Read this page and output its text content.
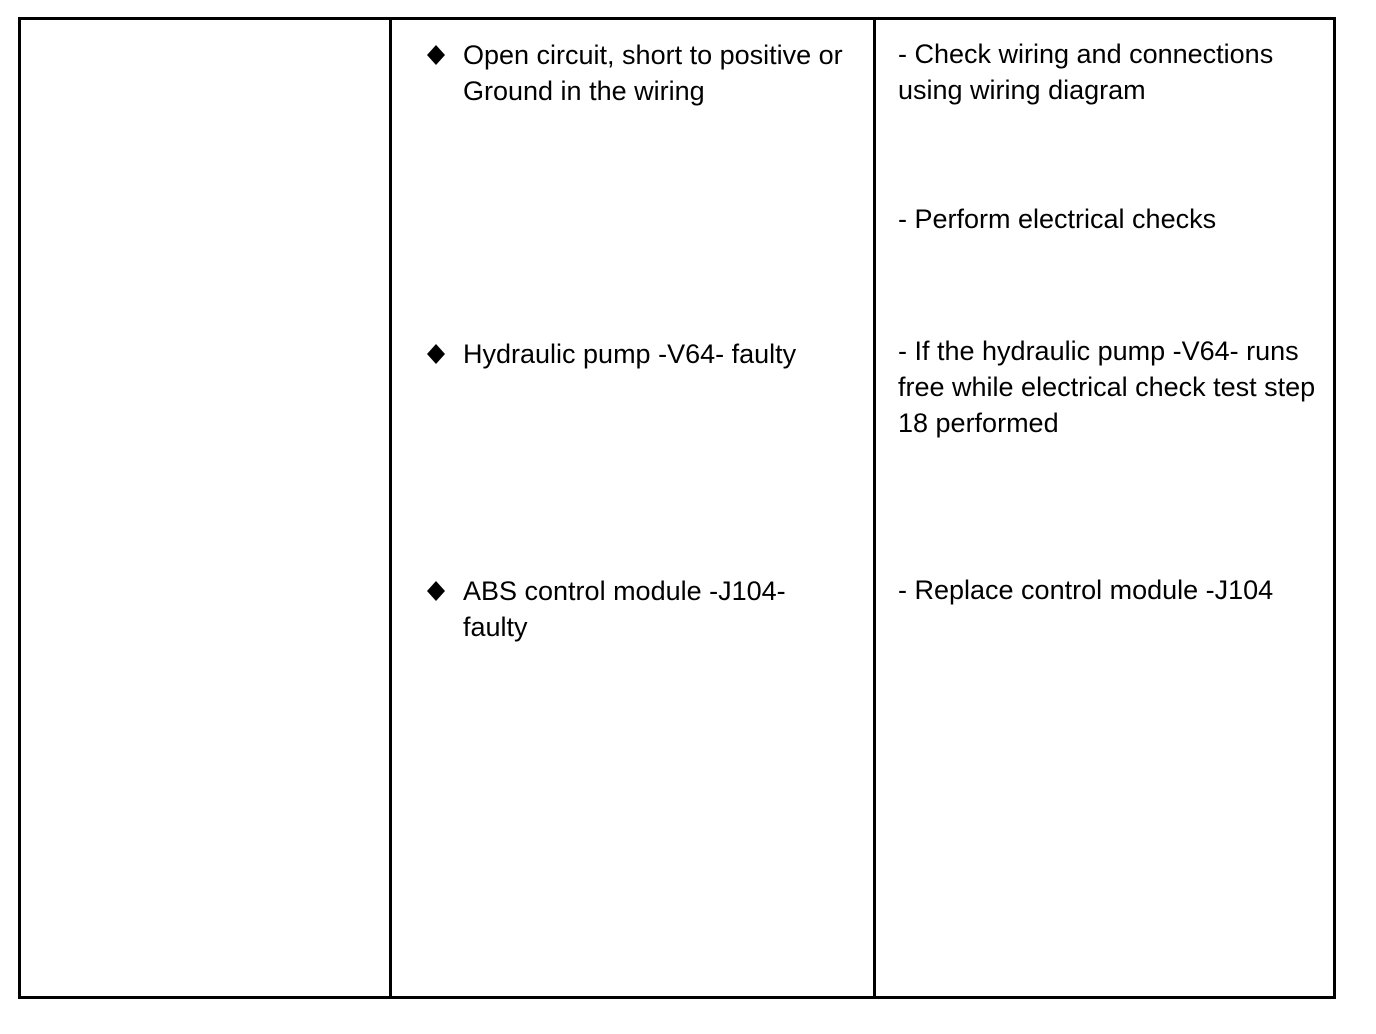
Open circuit, short to positive or Ground in the wiring
Hydraulic pump -V64- faulty
ABS control module -J104- faulty
- Check wiring and connections using wiring diagram
- Perform electrical checks
- If the hydraulic pump -V64- runs free while electrical check test step 18 performed
- Replace control module -J104
